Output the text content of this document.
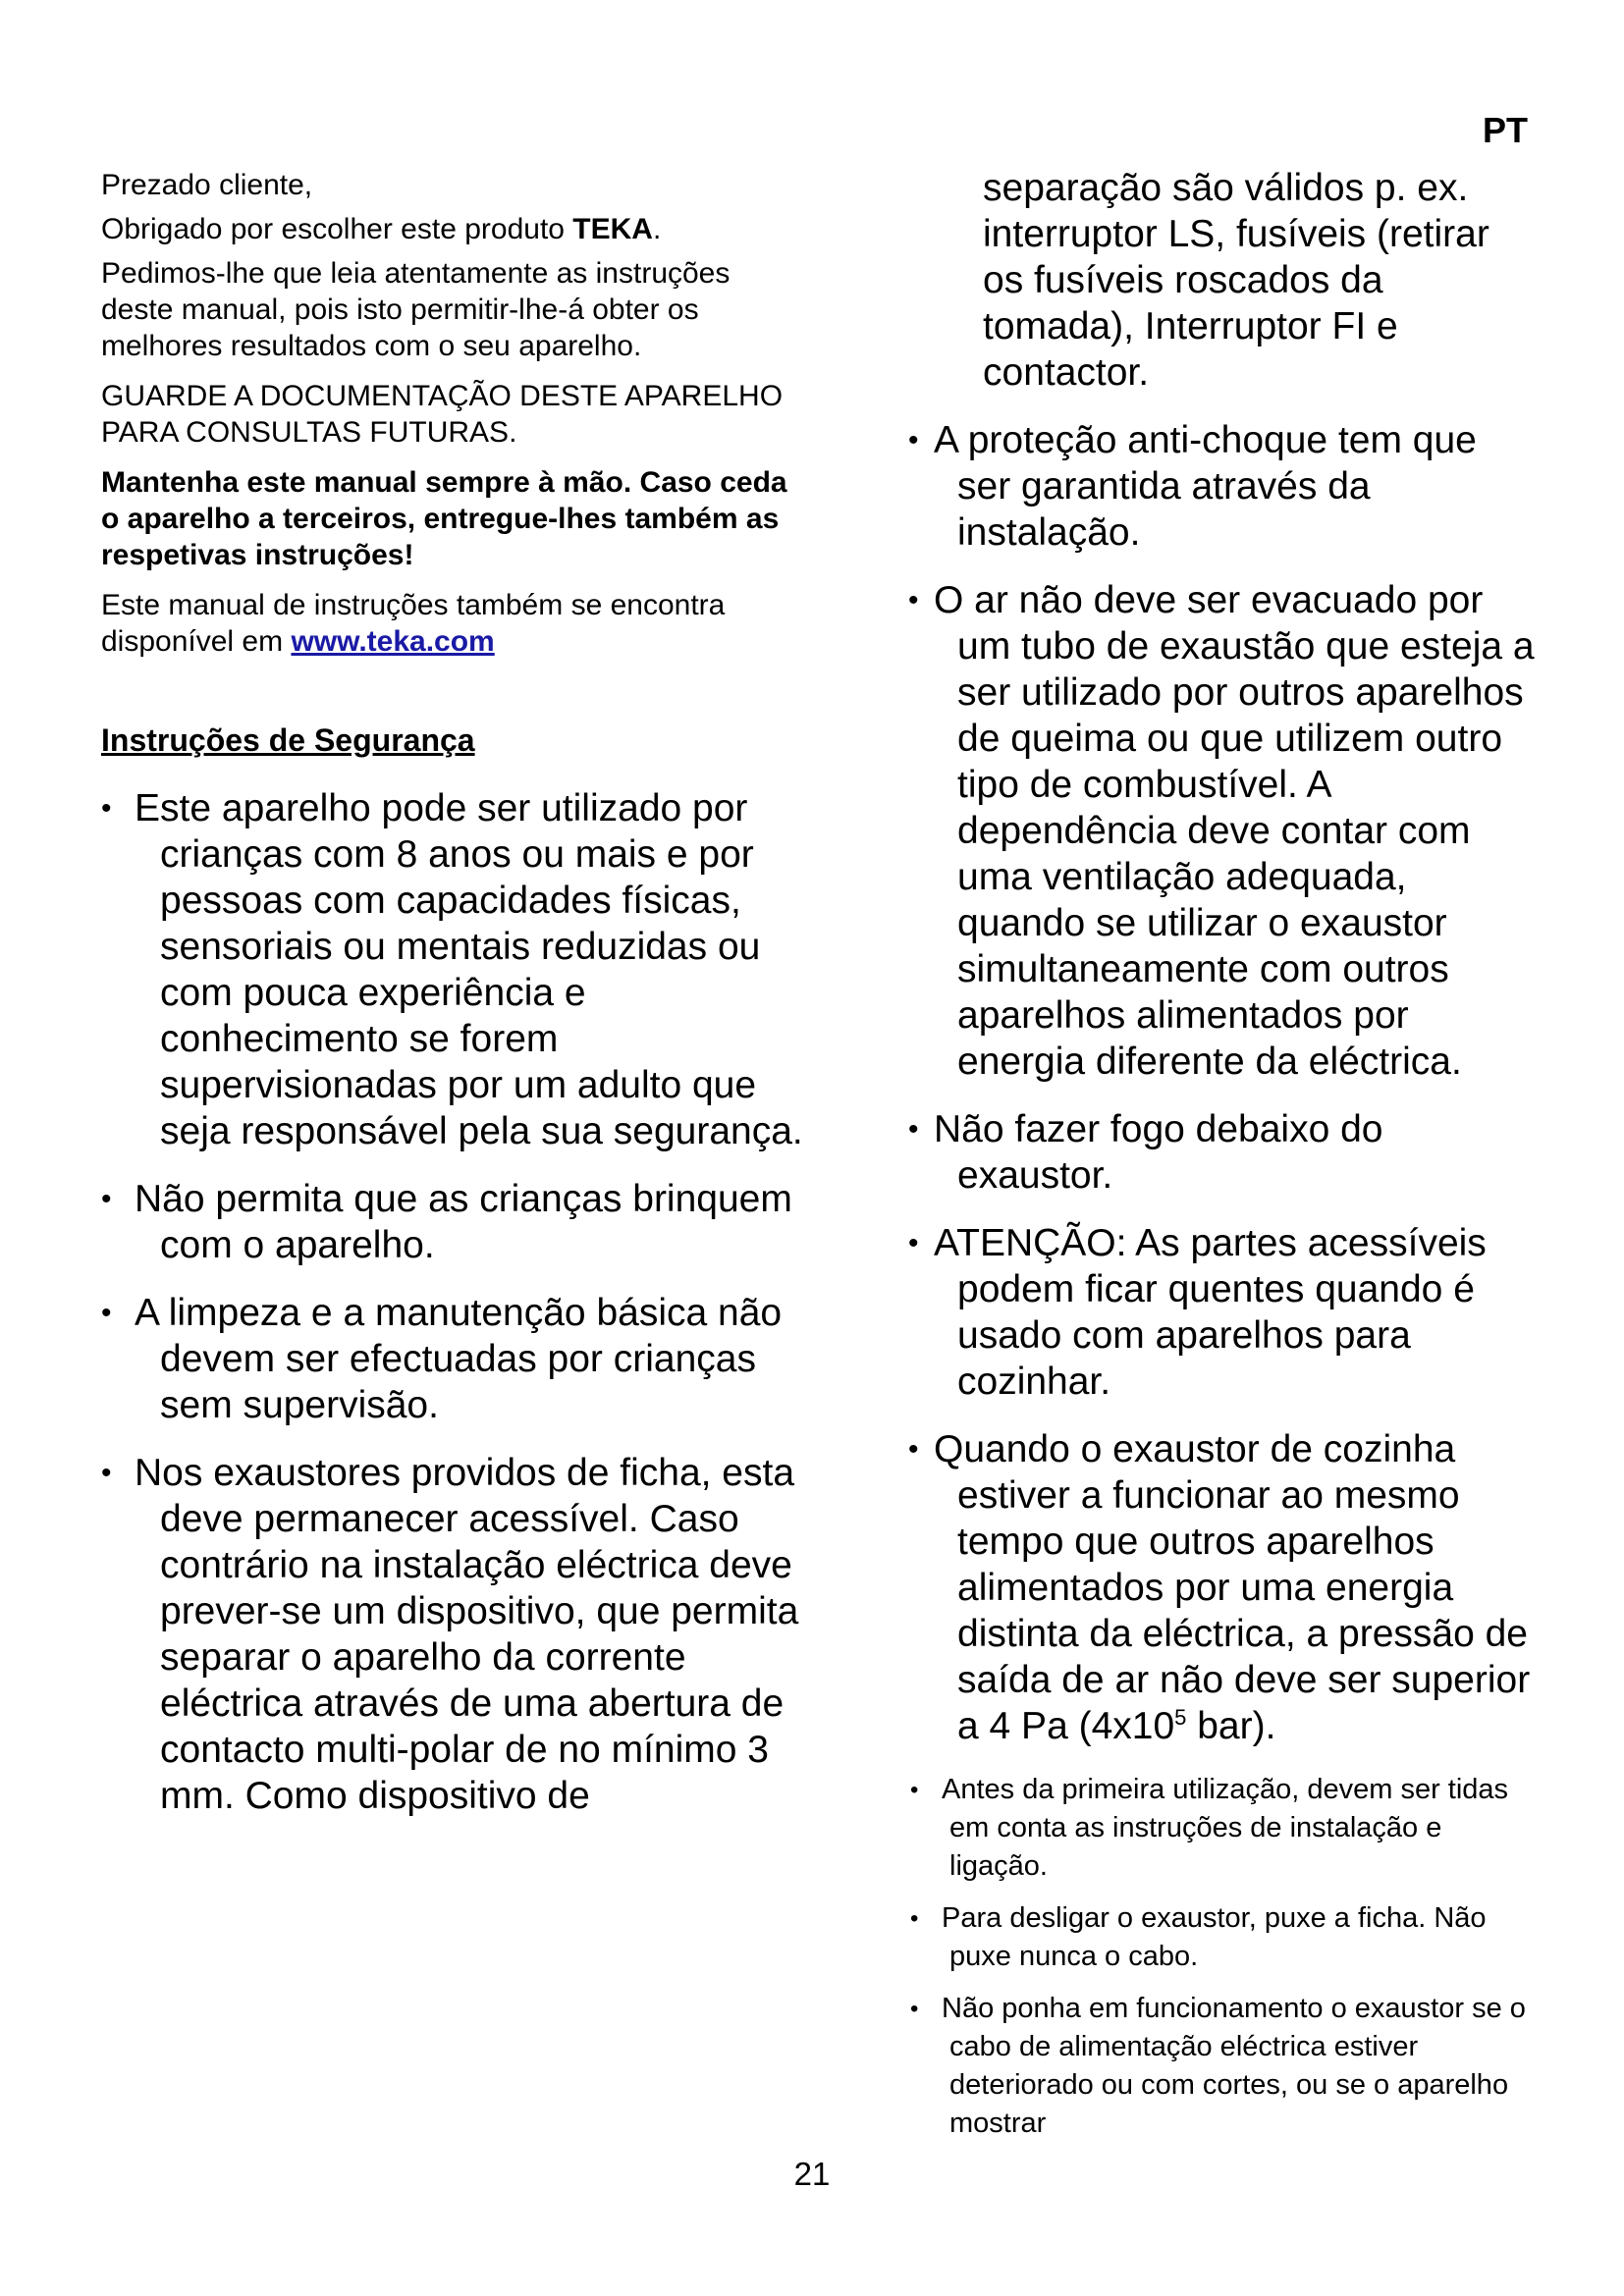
PT

Prezado cliente,

Obrigado por escolher este produto TEKA.

Pedimos-lhe que leia atentamente as instruções deste manual, pois isto permitir-lhe-á obter os melhores resultados com o seu aparelho.

GUARDE A DOCUMENTAÇÃO DESTE APARELHO PARA CONSULTAS FUTURAS.

Mantenha este manual sempre à mão. Caso ceda o aparelho a terceiros, entregue-lhes também as respetivas instruções!

Este manual de instruções também se encontra disponível em www.teka.com

Instruções de Segurança
• Este aparelho pode ser utilizado por crianças com 8 anos ou mais e por pessoas com capacidades físicas, sensoriais ou mentais reduzidas ou com pouca experiência e conhecimento se forem supervisionadas por um adulto que seja responsável pela sua segurança.
• Não permita que as crianças brinquem com o aparelho.
• A limpeza e a manutenção básica não devem ser efectuadas por crianças sem supervisão.
• Nos exaustores providos de ficha, esta deve permanecer acessível. Caso contrário na instalação eléctrica deve prever-se um dispositivo, que permita separar o aparelho da corrente eléctrica através de uma abertura de contacto multi-polar de no mínimo 3 mm. Como dispositivo de
separação são válidos p. ex. interruptor LS, fusíveis (retirar os fusíveis roscados da tomada), Interruptor FI e contactor.
• A proteção anti-choque tem que ser garantida através da instalação.
• O ar não deve ser evacuado por um tubo de exaustão que esteja a ser utilizado por outros aparelhos de queima ou que utilizem outro tipo de combustível. A dependência deve contar com uma ventilação adequada, quando se utilizar o exaustor simultaneamente com outros aparelhos alimentados por energia diferente da eléctrica.
• Não fazer fogo debaixo do exaustor.
• ATENÇÃO: As partes acessíveis podem ficar quentes quando é usado com aparelhos para cozinhar.
• Quando o exaustor de cozinha estiver a funcionar ao mesmo tempo que outros aparelhos alimentados por uma energia distinta da eléctrica, a pressão de saída de ar não deve ser superior a 4 Pa ($4x10^5$ bar).
• Antes da primeira utilização, devem ser tidas em conta as instruções de instalação e ligação.
• Para desligar o exaustor, puxe a ficha. Não puxe nunca o cabo.
• Não ponha em funcionamento o exaustor se o cabo de alimentação eléctrica estiver deteriorado ou com cortes, ou se o aparelho mostrar
21
